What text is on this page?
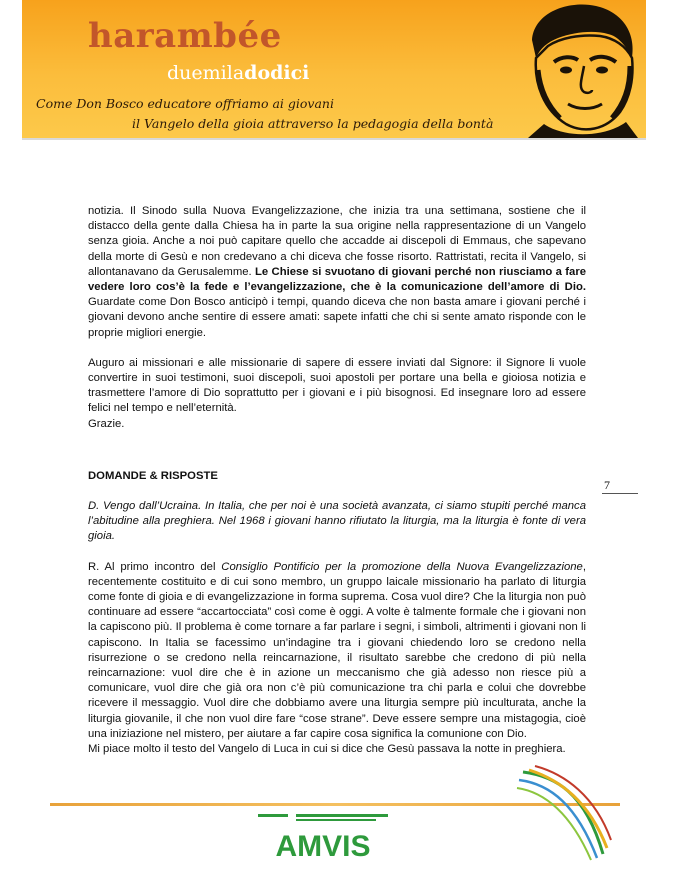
harambée
duemiladodici
Come Don Bosco educatore offriamo ai giovani
il Vangelo della gioia attraverso la pedagogia della bontà

notizia. Il Sinodo sulla Nuova Evangelizzazione, che inizia tra una settimana, sostiene che il distacco della gente dalla Chiesa ha in parte la sua origine nella rappresentazione di un Vangelo senza gioia. Anche a noi può capitare quello che accadde ai discepoli di Emmaus, che sapevano della morte di Gesù e non credevano a chi diceva che fosse risorto. Rattristati, recita il Vangelo, si allontanavano da Gerusalemme. Le Chiese si svuotano di giovani perché non riusciamo a fare vedere loro cos’è la fede e l’evangelizzazione, che è la comunicazione dell’amore di Dio. Guardate come Don Bosco anticipò i tempi, quando diceva che non basta amare i giovani perché i giovani devono anche sentire di essere amati: sapete infatti che chi si sente amato risponde con le proprie migliori energie.

Auguro ai missionari e alle missionarie di sapere di essere inviati dal Signore: il Signore li vuole convertire in suoi testimoni, suoi discepoli, suoi apostoli per portare una bella e gioiosa notizia e trasmettere l’amore di Dio soprattutto per i giovani e i più bisognosi. Ed insegnare loro ad essere felici nel tempo e nell’eternità.

Grazie.

DOMANDE & RISPOSTE

D. Vengo dall’Ucraina. In Italia, che per noi è una società avanzata, ci siamo stupiti perché manca l’abitudine alla preghiera. Nel 1968 i giovani hanno rifiutato la liturgia, ma la liturgia è fonte di vera gioia.

R. Al primo incontro del Consiglio Pontificio per la promozione della Nuova Evangelizzazione, recentemente costituito e di cui sono membro, un gruppo laicale missionario ha parlato di liturgia come fonte di gioia e di evangelizzazione in forma suprema. Cosa vuol dire? Che la liturgia non può continuare ad essere “accartocciata” così come è oggi. A volte è talmente formale che i giovani non la capiscono più. Il problema è come tornare a far parlare i segni, i simboli, altrimenti i giovani non li capiscono. In Italia se facessimo un’indagine tra i giovani chiedendo loro se credono nella risurrezione o se credono nella reincarnazione, il risultato sarebbe che credono di più nella reincarnazione: vuol dire che è in azione un meccanismo che già adesso non riesce più a comunicare, vuol dire che già ora non c’è più comunicazione tra chi parla e colui che dovrebbe ricevere il messaggio. Vuol dire che dobbiamo avere una liturgia sempre più inculturata, anche la liturgia giovanile, il che non vuol dire fare “cose strane”. Deve essere sempre una mistagogia, cioè una iniziazione nel mistero, per aiutare a far capire cosa significa la comunione con Dio.

Mi piace molto il testo del Vangelo di Luca in cui si dice che Gesù passava la notte in preghiera.

7
AMVIS
